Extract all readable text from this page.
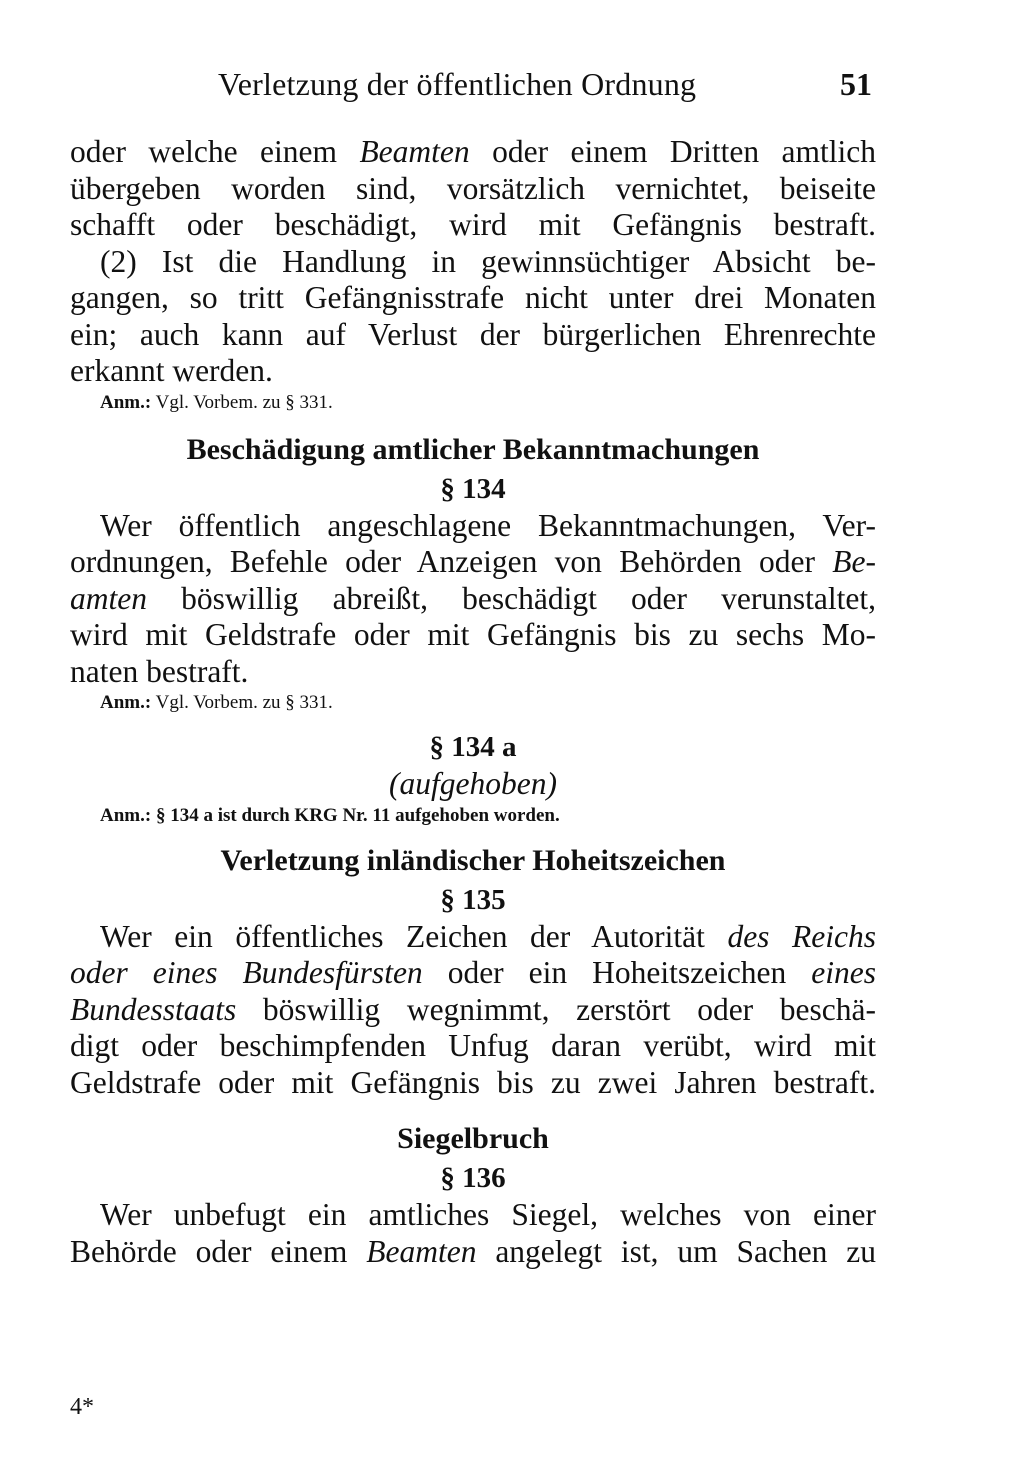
Verletzung der öffentlichen Ordnung	51
oder welche einem Beamten oder einem Dritten amtlich
übergeben worden sind, vorsätzlich vernichtet, beiseite
schafft oder beschädigt, wird mit Gefängnis bestraft.
(2) Ist die Handlung in gewinnsüchtiger Absicht be-
gangen, so tritt Gefängnisstrafe nicht unter drei Monaten
ein; auch kann auf Verlust der bürgerlichen Ehrenrechte
erkannt werden.
Anm.: Vgl. Vorbem. zu § 331.
Beschädigung amtlicher Bekanntmachungen
§ 134
Wer öffentlich angeschlagene Bekanntmachungen, Ver-
ordnungen, Befehle oder Anzeigen von Behörden oder Be-
amten böswillig abreißt, beschädigt oder verunstaltet,
wird mit Geldstrafe oder mit Gefängnis bis zu sechs Mo-
naten bestraft.
Anm.: Vgl. Vorbem. zu § 331.
§ 134 a
(aufgehoben)
Anm.: § 134 a ist durch KRG Nr. 11 aufgehoben worden.
Verletzung inländischer Hoheitszeichen
§ 135
Wer ein öffentliches Zeichen der Autorität des Reichs
oder eines Bundesfürsten oder ein Hoheitszeichen eines
Bundesstaats böswillig wegnimmt, zerstört oder beschä-
digt oder beschimpfenden Unfug daran verübt, wird mit
Geldstrafe oder mit Gefängnis bis zu zwei Jahren bestraft.
Siegelbruch
§ 136
Wer unbefugt ein amtliches Siegel, welches von einer
Behörde oder einem Beamten angelegt ist, um Sachen zu
4*
